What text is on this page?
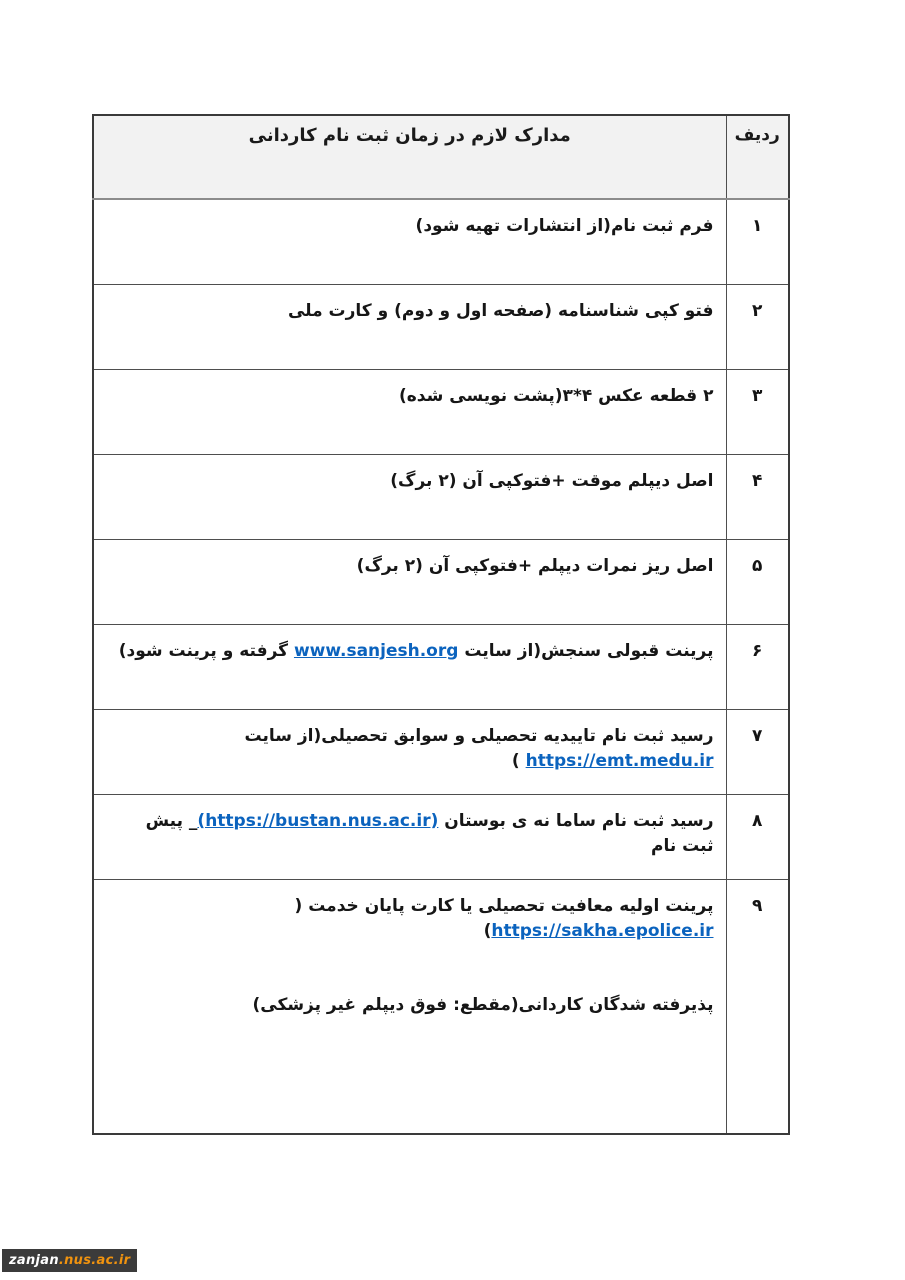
ردیف	مدارک لازم در زمان ثبت نام کاردانی
۱	فرم ثبت نام(از انتشارات تهیه شود)
۲	فتو کپی شناسنامه (صفحه اول و دوم) و کارت ملی
۳	۲ قطعه عکس ۴*۳(پشت نویسی شده)
۴	اصل دیپلم موقت +فتوکپی آن (۲ برگ)
۵	اصل ریز نمرات دیپلم +فتوکپی آن (۲ برگ)
۶	پرینت قبولی سنجش(از سایت www.sanjesh.org گرفته و پرینت شود)
۷	رسید ثبت نام تاییدیه تحصیلی و سوابق تحصیلی(از سایت https://emt.medu.ir )
۸	رسید ثبت نام ساما نه ی بوستان (https://bustan.nus.ac.ir)_ پیش ثبت نام
۹	پرینت اولیه معافیت تحصیلی یا کارت پایان خدمت ( https://sakha.epolice.ir)
پذیرفته شدگان کاردانی(مقطع: فوق دیپلم غیر پزشکی)
zanjan .nus.ac.ir
